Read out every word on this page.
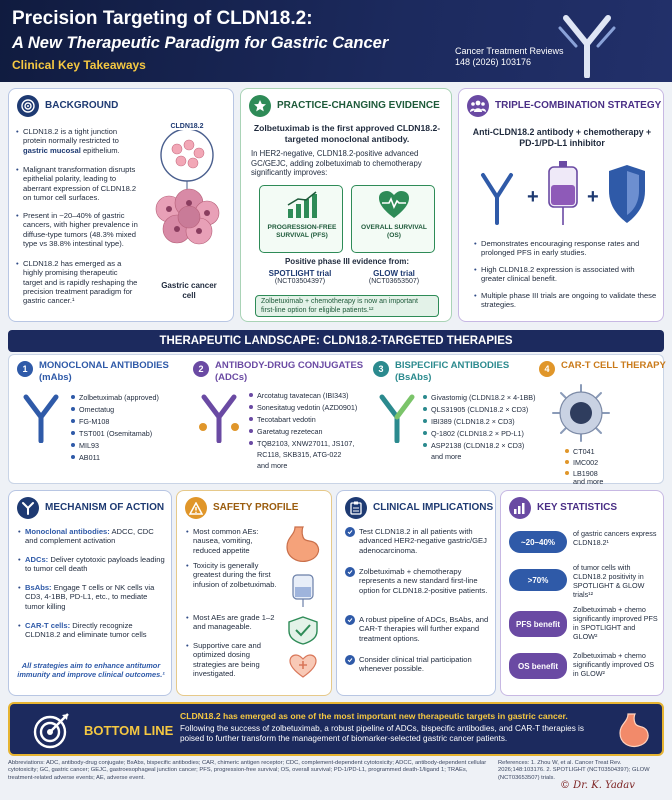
Precision Targeting of CLDN18.2:
A New Therapeutic Paradigm for Gastric Cancer
Clinical Key Takeaways
Cancer Treatment Reviews
148 (2026) 103176
BACKGROUND
• CLDN18.2 is a tight junction protein normally restricted to gastric mucosal epithelium.
• Malignant transformation disrupts epithelial polarity, leading to aberrant expression of CLDN18.2 on tumor cell surfaces.
• Present in ~20–40% of gastric cancers, with higher prevalence in diffuse-type tumors (48.3% mixed type vs 38.8% intestinal type).
• CLDN18.2 has emerged as a highly promising therapeutic target and is rapidly reshaping the precision treatment paradigm for gastric cancer.¹
CLDN18.2
Gastric cancer cell
PRACTICE-CHANGING EVIDENCE
Zolbetuximab is the first approved CLDN18.2-targeted monoclonal antibody.
In HER2-negative, CLDN18.2-positive advanced GC/GEJC, adding zolbetuximab to chemotherapy significantly improves:
PROGRESSION-FREE SURVIVAL (PFS)
OVERALL SURVIVAL (OS)
Positive phase III evidence from:
SPOTLIGHT trial
(NCT03504397)
GLOW trial
(NCT03653507)
Zolbetuximab + chemotherapy is now an important first-line option for eligible patients.¹²
TRIPLE-COMBINATION STRATEGY
Anti-CLDN18.2 antibody + chemotherapy + PD-1/PD-L1 inhibitor
+ +
• Demonstrates encouraging response rates and prolonged PFS in early studies.
• High CLDN18.2 expression is associated with greater clinical benefit.
• Multiple phase III trials are ongoing to validate these strategies.
THERAPEUTIC LANDSCAPE: CLDN18.2-TARGETED THERAPIES
1	MONOCLONAL ANTIBODIES
(mAbs)
Zolbetuximab (approved)
Omectatug
FG-M108
TST001 (Osemitamab)
MIL93
AB011
2	ANTIBODY-DRUG CONJUGATES
(ADCs)
Arcotatug tavatecan (IBI343)
Sonesitatug vedotin (AZD0901)
Tecotabart vedotin
Garetatug rezetecan
TQB2103, XNW27011, JS107,
RC118, SKB315, ATG-022
and more
3	BISPECIFIC ANTIBODIES
(BsAbs)
Givastomig (CLDN18.2 × 4-1BB)
QLS31905 (CLDN18.2 × CD3)
IBI389 (CLDN18.2 × CD3)
Q-1802 (CLDN18.2 × PD-L1)
ASP2138 (CLDN18.2 × CD3)
and more
4	CAR-T CELL THERAPY
CT041
IMC002
LB1908
and more
MECHANISM OF ACTION
• Monoclonal antibodies: ADCC, CDC and complement activation
• ADCs: Deliver cytotoxic payloads leading to tumor cell death
• BsAbs: Engage T cells or NK cells via CD3, 4-1BB, PD-L1, etc., to mediate tumor killing
• CAR-T cells: Directly recognize CLDN18.2 and eliminate tumor cells
All strategies aim to enhance antitumor immunity and improve clinical outcomes.¹
SAFETY PROFILE
• Most common AEs: nausea, vomiting, reduced appetite
• Toxicity is generally greatest during the first infusion of zolbetuximab.
• Most AEs are grade 1–2 and manageable.
• Supportive care and optimized dosing strategies are being investigated.
CLINICAL IMPLICATIONS
• Test CLDN18.2 in all patients with advanced HER2-negative gastric/GEJ adenocarcinoma.
• Zolbetuximab + chemotherapy represents a new standard first-line option for CLDN18.2-positive patients.
• A robust pipeline of ADCs, BsAbs, and CAR-T therapies will further expand treatment options.
• Consider clinical trial participation whenever possible.
KEY STATISTICS
~20–40%
of gastric cancers express CLDN18.2¹
>70%
of tumor cells with CLDN18.2 positivity in SPOTLIGHT & GLOW trials¹²
PFS benefit
Zolbetuximab + chemo significantly improved PFS in SPOTLIGHT and GLOW²
OS benefit
Zolbetuximab + chemo significantly improved OS in GLOW²
BOTTOM LINE
CLDN18.2 has emerged as one of the most important new therapeutic targets in gastric cancer.
Following the success of zolbetuximab, a robust pipeline of ADCs, bispecific antibodies, and CAR-T therapies is poised to further transform the management of biomarker-selected gastric cancer patients.
Abbreviations: ADC, antibody-drug conjugate; BsAbs, bispecific antibodies; CAR, chimeric antigen receptor; CDC, complement-dependent cytotoxicity; ADCC, antibody-dependent cellular cytotoxicity; GC, gastric cancer; GEJC, gastroesophageal junction cancer; PFS, progression-free survival; OS, overall survival; PD-1/PD-L1, programmed death-1/ligand 1; TRAEs, treatment-related adverse events; AE, adverse event.
References: 1. Zhou W, et al. Cancer Treat Rev. 2026;148:103176. 2. SPOTLIGHT (NCT03504397); GLOW (NCT03653507) trials.
© Dr. K. Yadav
